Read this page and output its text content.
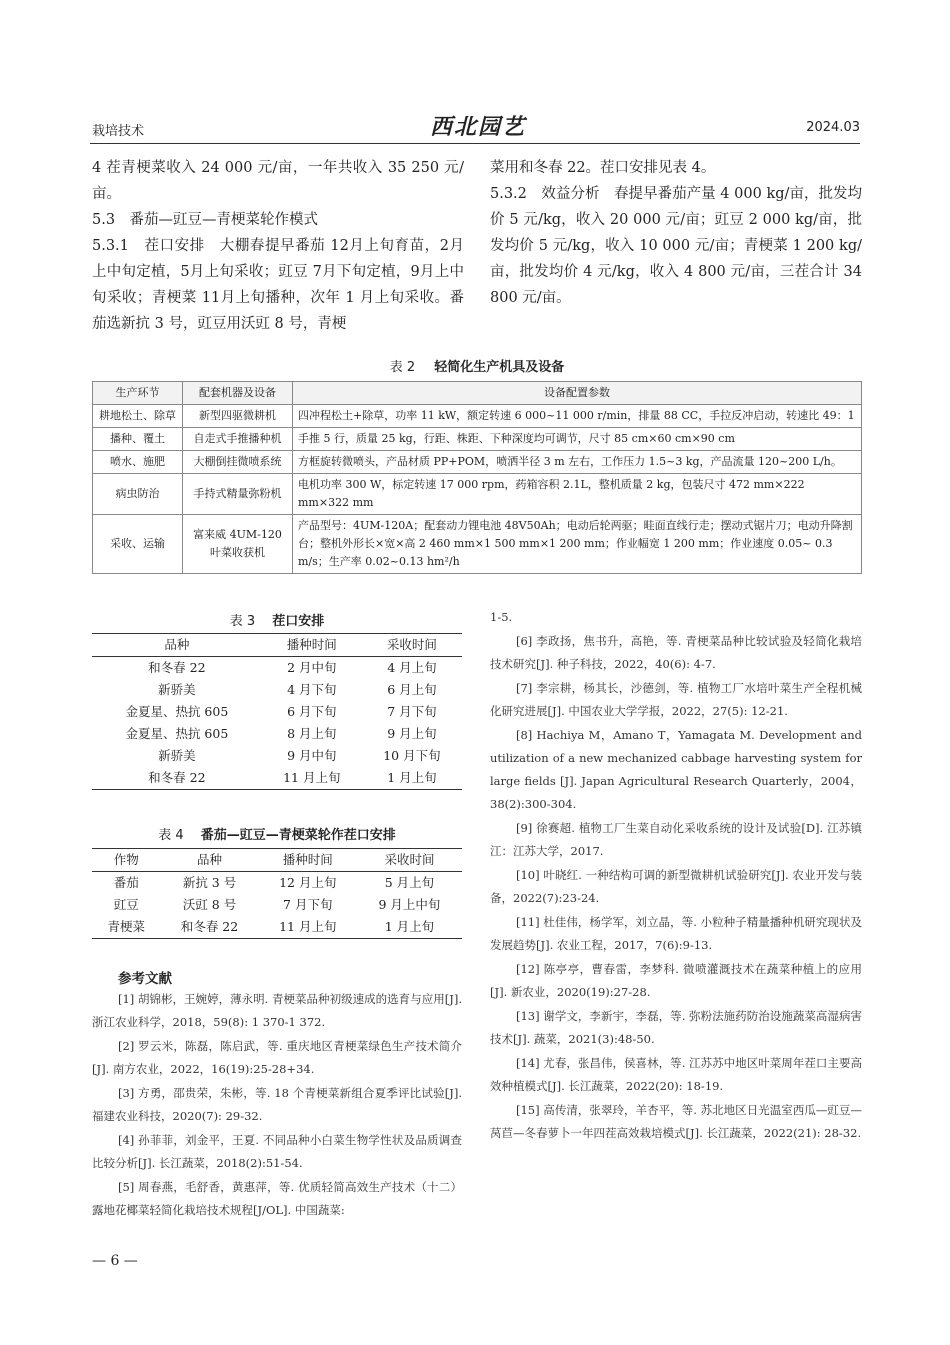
栽培技术	西北园艺	2024.03

4 茬青梗菜收入 24 000 元/亩，一年共收入 35 250 元/亩。

5.3　番茄—豇豆—青梗菜轮作模式

5.3.1　茬口安排　大棚春提早番茄 12月上旬育苗，2月上中旬定植，5月上旬采收；豇豆 7月下旬定植，9月上中旬采收；青梗菜 11月上旬播种，次年 1 月上旬采收。番茄选新抗 3 号，豇豆用沃豇 8 号，青梗

菜用和冬春 22。茬口安排见表 4。

5.3.2　效益分析　春提早番茄产量 4 000 kg/亩，批发均价 5 元/kg，收入 20 000 元/亩；豇豆 2 000 kg/亩，批发均价 5 元/kg，收入 10 000 元/亩；青梗菜 1 200 kg/亩，批发均价 4 元/kg，收入 4 800 元/亩，三茬合计 34 800 元/亩。

表 2 轻简化生产机具及设备
生产环节	配套机器及设备	设备配置参数
耕地松土、除草	新型四驱微耕机	四冲程松土+除草，功率 11 kW，额定转速 6 000~11 000 r/min，排量 88 CC，手拉反冲启动，转速比 49：1
播种、覆土	自走式手推播种机	手推 5 行，质量 25 kg，行距、株距、下种深度均可调节，尺寸 85 cm×60 cm×90 cm
喷水、施肥	大棚倒挂微喷系统	方框旋转微喷头，产品材质 PP+POM，喷洒半径 3 m 左右，工作压力 1.5~3 kg，产品流量 120~200 L/h。
病虫防治	手持式精量弥粉机	电机功率 300 W，标定转速 17 000 rpm，药箱容积 2.1L，整机质量 2 kg，包装尺寸 472 mm×222 mm×322 mm
采收、运输	富来威 4UM-120 叶菜收获机	产品型号：4UM-120A；配套动力锂电池 48V50Ah；电动后轮两驱；畦面直线行走；摆动式锯片刀；电动升降割台；整机外形长×宽×高 2 460 mm×1 500 mm×1 200 mm；作业幅宽 1 200 mm；作业速度 0.05~ 0.3 m/s；生产率 0.02~0.13 hm²/h
表 3 茬口安排
品种	播种时间	采收时间
和冬春 22	2 月中旬	4 月上旬
新骄美	4 月下旬	6 月上旬
金夏星、热抗 605	6 月下旬	7 月下旬
金夏星、热抗 605	8 月上旬	9 月上旬
新骄美	9 月中旬	10 月下旬
和冬春 22	11 月上旬	1 月上旬
表 4 番茄—豇豆—青梗菜轮作茬口安排
作物	品种	播种时间	采收时间
番茄	新抗 3 号	12 月上旬	5 月上旬
豇豆	沃豇 8 号	7 月下旬	9 月上中旬
青梗菜	和冬春 22	11 月上旬	1 月上旬
参考文献

[1] 胡锦彬，王婉婷，薄永明. 青梗菜品种初级速成的选育与应用[J]. 浙江农业科学，2018，59(8): 1 370-1 372.

[2] 罗云米，陈磊，陈启武，等. 重庆地区青梗菜绿色生产技术简介[J]. 南方农业，2022，16(19):25-28+34.

[3] 方勇，邵贵荣，朱彬，等. 18 个青梗菜新组合夏季评比试验[J]. 福建农业科技，2020(7): 29-32.

[4] 孙菲菲，刘金平，王夏. 不同品种小白菜生物学性状及品质调查比较分析[J]. 长江蔬菜，2018(2):51-54.

[5] 周春燕，毛舒香，黄惠萍，等. 优质轻简高效生产技术（十二）露地花椰菜轻简化栽培技术规程[J/OL]. 中国蔬菜:

1-5.

[6] 李政扬，焦书升，高艳，等. 青梗菜品种比较试验及轻简化栽培技术研究[J]. 种子科技，2022，40(6): 4-7.

[7] 李宗耕，杨其长，沙德剑，等. 植物工厂水培叶菜生产全程机械化研究进展[J]. 中国农业大学学报，2022，27(5): 12-21.

[8] Hachiya M，Amano T，Yamagata M. Development and utilization of a new mechanized cabbage harvesting system for large fields [J]. Japan Agricultural Research Quarterly，2004，38(2):300-304.

[9] 徐赛超. 植物工厂生菜自动化采收系统的设计及试验[D]. 江苏镇江：江苏大学，2017.

[10] 叶晓红. 一种结构可调的新型微耕机试验研究[J]. 农业开发与装备，2022(7):23-24.

[11] 杜佳伟，杨学军，刘立晶，等. 小粒种子精量播种机研究现状及发展趋势[J]. 农业工程，2017，7(6):9-13.

[12] 陈亭亭，曹春雷，李梦科. 微喷灌溉技术在蔬菜种植上的应用[J]. 新农业，2020(19):27-28.

[13] 谢学文，李新宇，李磊，等. 弥粉法施药防治设施蔬菜高湿病害技术[J]. 蔬菜，2021(3):48-50.

[14] 尤春，张昌伟，侯喜林，等. 江苏苏中地区叶菜周年茬口主要高效种植模式[J]. 长江蔬菜，2022(20): 18-19.

[15] 高传清，张翠玲，羊杏平，等. 苏北地区日光温室西瓜—豇豆—莴苣—冬春萝卜一年四茬高效栽培模式[J]. 长江蔬菜，2022(21): 28-32.

— 6 —
